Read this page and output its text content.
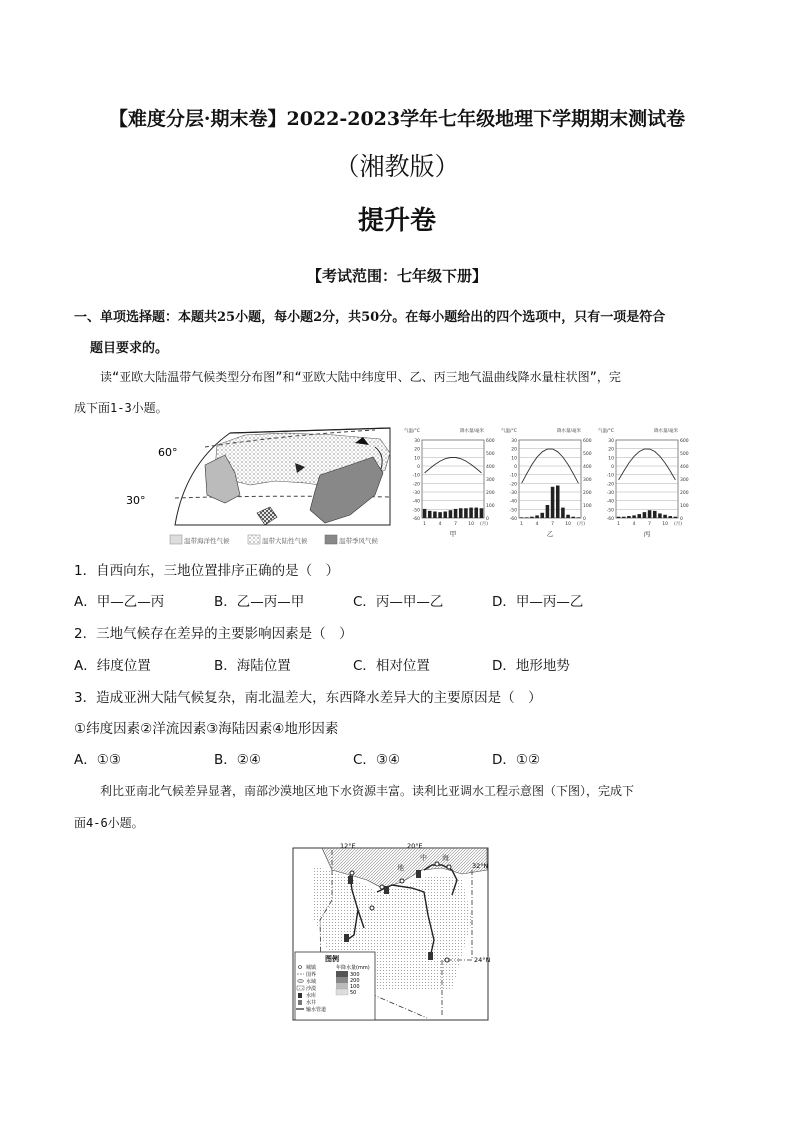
【难度分层·期末卷】2022-2023学年七年级地理下学期期末测试卷
（湘教版）
提升卷
【考试范围：七年级下册】
一、单项选择题：本题共25小题，每小题2分，共50分。在每小题给出的四个选项中，只有一项是符合
题目要求的。
读“亚欧大陆温带气候类型分布图”和“亚欧大陆中纬度甲、乙、丙三地气温曲线降水量柱状图”，完
成下面1-3小题。
60°
温带海洋性气候	温带大陆性气候	温带季风气候
30°
气温/°C	降水量/毫米
30
20
10
0
-10
-20
-30
-40
-50
-60
600
500
400
300
200
100
0
1	4	7 10 (月)
甲
气温/°C	降水量/毫米
30
20
10
0
-10
-20
-30
-40
-50
-60
600
500
400
300
200
100
0
1	4	7 10 (月)
乙
气温/°C	降水量/毫米
30
20
10
0
-10
-20
-30
-40
-50
-60
600
500
400
300
200
100
0
1	4	7 10 (月)
丙
1．自西向东，三地位置排序正确的是（　）
A．甲—乙—丙	B．乙—丙—甲	C．丙—甲—乙	D．甲—丙—乙
2．三地气候存在差异的主要影响因素是（　）
A．纬度位置	B．海陆位置	C．相对位置	D．地形地势
3．造成亚洲大陆气候复杂，南北温差大，东西降水差异大的主要原因是（　）
①纬度因素②洋流因素③海陆因素④地形因素
A．①③	B．②④	C．③④	D．①②
利比亚南北气候差异显著，南部沙漠地区地下水资源丰富。读利比亚调水工程示意图（下图），完成下
面4-6小题。
12°E	20°E
32°N
24°N
地
中 海
图例
城镇
国界
水域
沙漠
水库
水井
输水管道
年降水量(mm)
300
200
100
50
